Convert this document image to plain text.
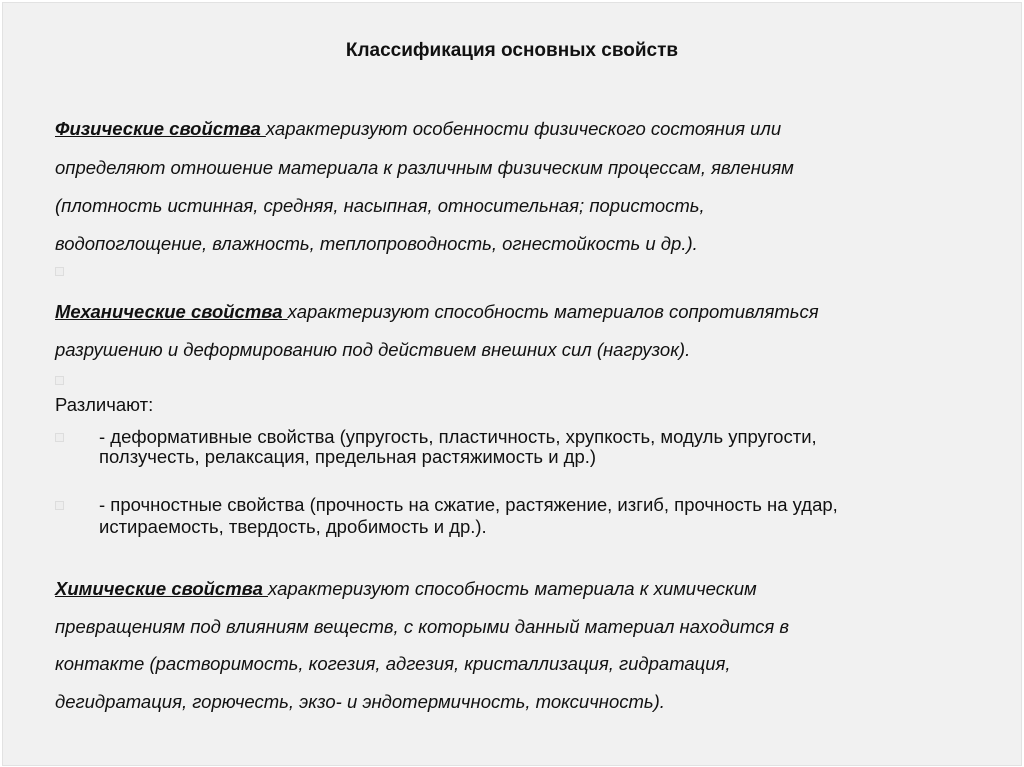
Классификация основных свойств
Физические свойства характеризуют особенности физического состояния или
определяют отношение материала к различным физическим процессам, явлениям
(плотность истинная, средняя, насыпная, относительная; пористость,
водопоглощение, влажность, теплопроводность, огнестойкость и др.).
Механические свойства характеризуют способность материалов сопротивляться
разрушению и деформированию под действием внешних сил (нагрузок).
Различают:
- деформативные свойства (упругость, пластичность, хрупкость, модуль упругости,
ползучесть, релаксация, предельная растяжимость и др.)
- прочностные свойства (прочность на сжатие, растяжение, изгиб, прочность на удар,
истираемость, твердость, дробимость и др.).
Химические свойства характеризуют способность материала к химическим
превращениям под влияниям веществ, с которыми данный материал находится в
контакте (растворимость, когезия, адгезия, кристаллизация, гидратация,
дегидратация, горючесть, экзо- и эндотермичность, токсичность).
